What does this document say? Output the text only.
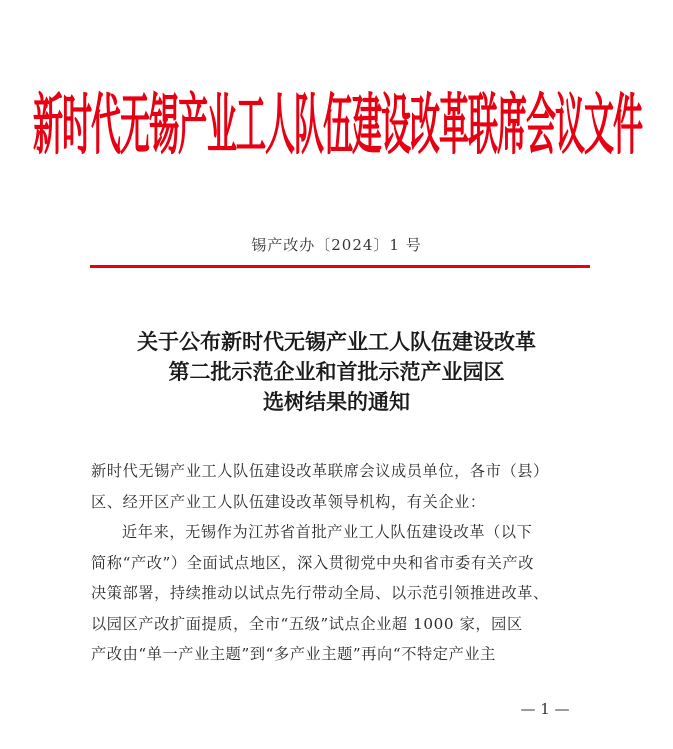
新时代无锡产业工人队伍建设改革联席会议文件
锡产改办〔2024〕1 号
关于公布新时代无锡产业工人队伍建设改革
第二批示范企业和首批示范产业园区
选树结果的通知

新时代无锡产业工人队伍建设改革联席会议成员单位，各市（县）

区、经开区产业工人队伍建设改革领导机构，有关企业：

近年来，无锡作为江苏省首批产业工人队伍建设改革（以下

简称“产改”）全面试点地区，深入贯彻党中央和省市委有关产改

决策部署，持续推动以试点先行带动全局、以示范引领推进改革、

以园区产改扩面提质，全市“五级”试点企业超 1000 家，园区

产改由“单一产业主题”到“多产业主题”再向“不特定产业主

— 1 —
